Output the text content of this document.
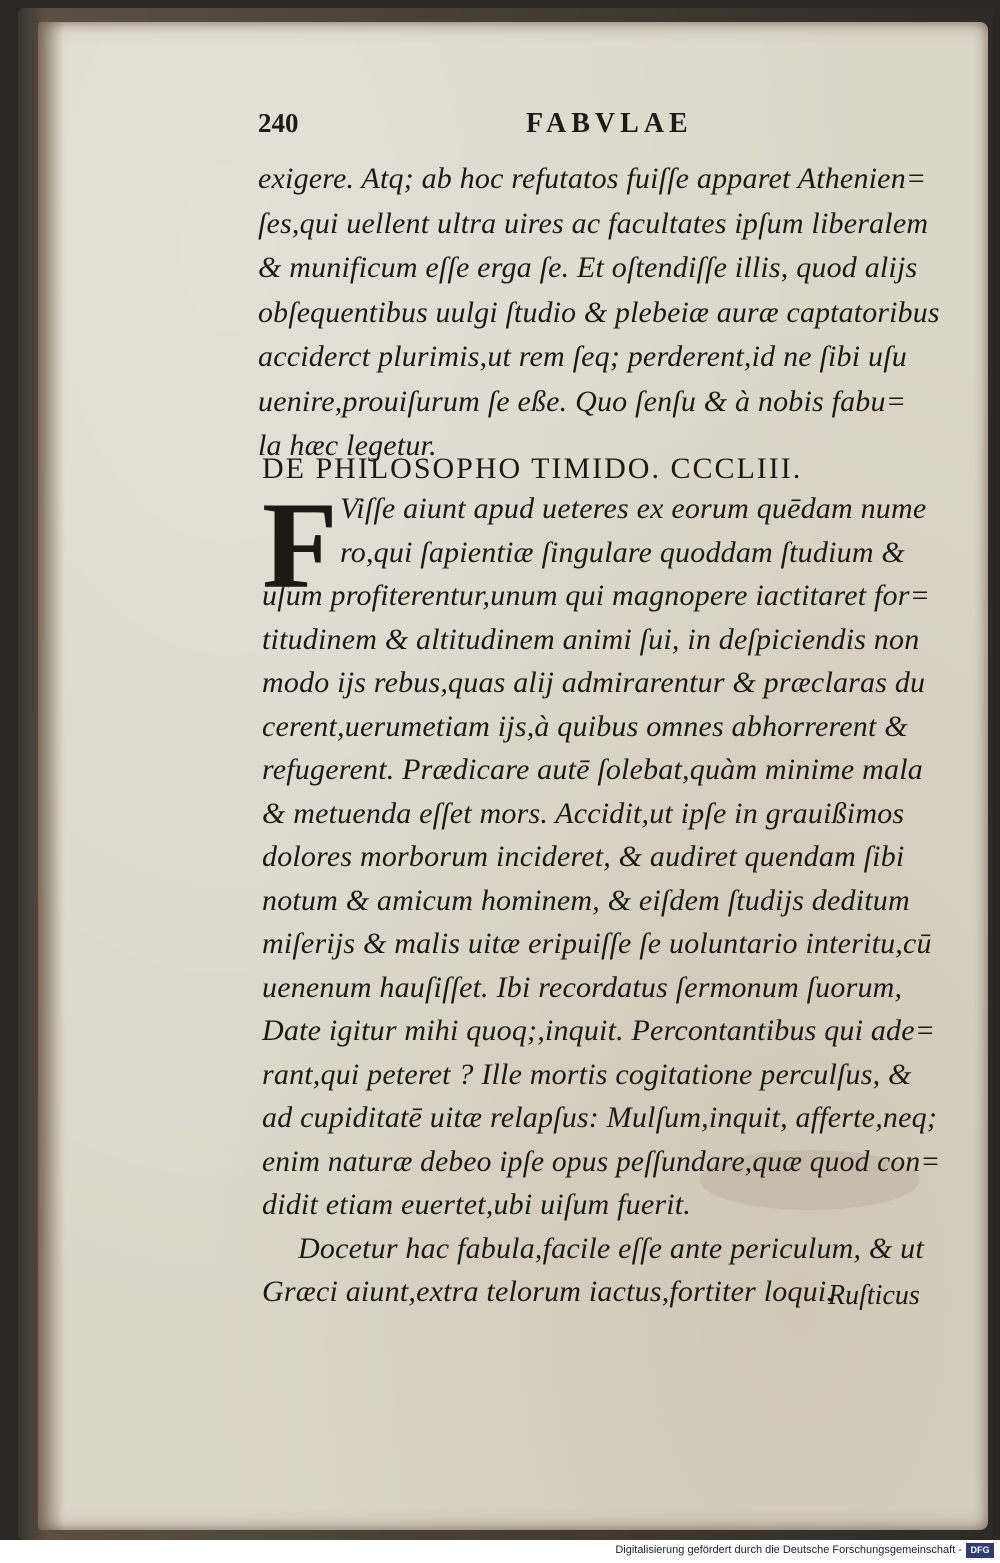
240	FABVLAE
exigere. Atq; ab hoc refutatos fuiſſe apparet Athenien=
ſes,qui uellent ultra uires ac facultates ipſum liberalem
& munificum eſſe erga ſe. Et oſtendiſſe illis, quod alijs
obſequentibus uulgi ſtudio & plebeiæ auræ captatoribus
acciderct plurimis,ut rem ſeq; perderent,id ne ſibi uſu
uenire,prouiſurum ſe eße. Quo ſenſu & à nobis fabu=
la hæc legetur.
DE PHILOSOPHO TIMIDO. CCCLIII.
F Viſſe aiunt apud ueteres ex eorum quēdam nume
ro,qui ſapientiæ ſingulare quoddam ſtudium &
uſum profiterentur,unum qui magnopere iactitaret for=
titudinem & altitudinem animi ſui, in deſpiciendis non
modo ijs rebus,quas alij admirarentur & præclaras du
cerent,uerumetiam ijs,à quibus omnes abhorrerent &
refugerent. Prædicare autē ſolebat,quàm minime mala
& metuenda eſſet mors. Accidit,ut ipſe in grauißimos
dolores morborum incideret, & audiret quendam ſibi
notum & amicum hominem, & eiſdem ſtudijs deditum
miſerijs & malis uitæ eripuiſſe ſe uoluntario interitu,cū
uenenum hauſiſſet. Ibi recordatus ſermonum ſuorum,
Date igitur mihi quoq;,inquit. Percontantibus qui ade=
rant,qui peteret ? Ille mortis cogitatione perculſus, &
ad cupiditatē uitæ relapſus: Mulſum,inquit, afferte,neq;
enim naturæ debeo ipſe opus peſſundare,quæ quod con=
didit etiam euertet,ubi uiſum fuerit.
Docetur hac fabula,facile eſſe ante periculum, & ut
Græci aiunt,extra telorum iactus,fortiter loqui.
Ruſticus
Digitalisierung gefördert durch die Deutsche Forschungsgemeinschaft - DFG
